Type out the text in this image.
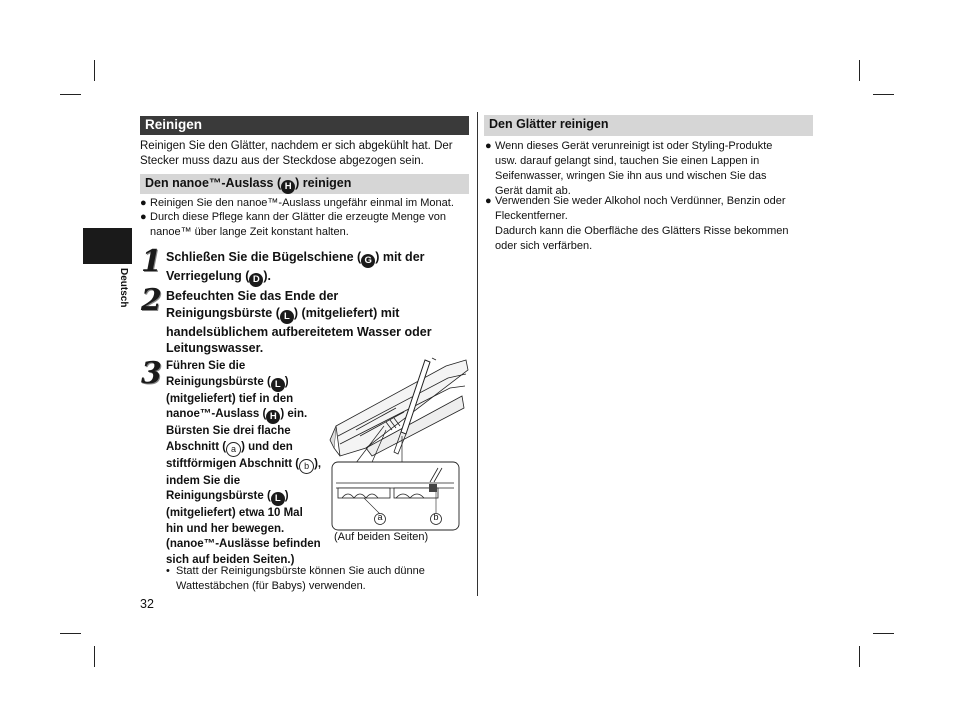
Deutsch
Reinigen
Reinigen Sie den Glätter, nachdem er sich abgekühlt hat. Der
Stecker muss dazu aus der Steckdose abgezogen sein.
Den nanoe™-Auslass ( H ) reinigen
● Reinigen Sie den nanoe™-Auslass ungefähr einmal im Monat.
● Durch diese Pflege kann der Glätter die erzeugte Menge von
nanoe™ über lange Zeit konstant halten.
1 Schließen Sie die Bügelschiene ( G ) mit der
Verriegelung ( D ).
2 Befeuchten Sie das Ende der
Reinigungsbürste ( L ) (mitgeliefert) mit
handelsüblichem aufbereitetem Wasser oder
Leitungswasser.
3 Führen Sie die
Reinigungsbürste ( L )
(mitgeliefert) tief in den
nanoe™-Auslass ( H ) ein.
Bürsten Sie drei flache
Abschnitt ( a ) und den
stiftförmigen Abschnitt ( b ),
indem Sie die
Reinigungsbürste ( L )
(mitgeliefert) etwa 10 Mal
hin und her bewegen.
(nanoe™-Auslässe befinden
sich auf beiden Seiten.)
a	b
(Auf beiden Seiten)
• Statt der Reinigungsbürste können Sie auch dünne
Wattestäbchen (für Babys) verwenden.
32
Den Glätter reinigen
● Wenn dieses Gerät verunreinigt ist oder Styling-Produkte
usw. darauf gelangt sind, tauchen Sie einen Lappen in
Seifenwasser, wringen Sie ihn aus und wischen Sie das
Gerät damit ab.
● Verwenden Sie weder Alkohol noch Verdünner, Benzin oder
Fleckentferner.
Dadurch kann die Oberfläche des Glätters Risse bekommen
oder sich verfärben.
